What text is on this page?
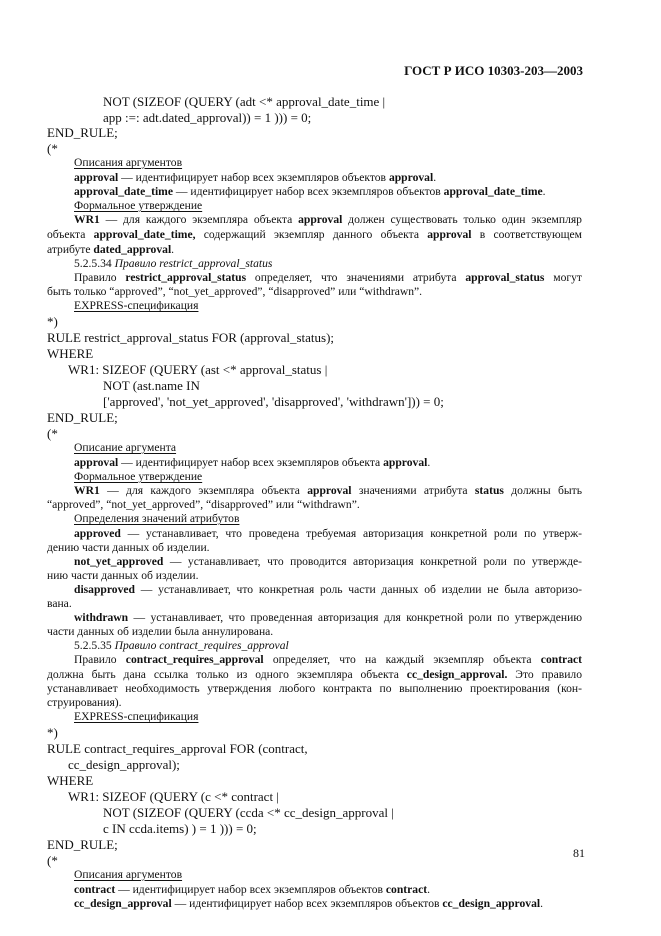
ГОСТ Р ИСО 10303-203—2003
NOT (SIZEOF (QUERY (adt <* approval_date_time |
app :=: adt.dated_approval)) = 1 ))) = 0;
END_RULE;
(*
Описания аргументов
approval — идентифицирует набор всех экземпляров объектов approval.
approval_date_time — идентифицирует набор всех экземпляров объектов approval_date_time.
Формальное утверждение
WR1 — для каждого экземпляра объекта approval должен существовать только один экземпляр
объекта approval_date_time, содержащий экземпляр данного объекта approval в соответствующем
атрибуте dated_approval.
5.2.5.34 Правило restrict_approval_status
Правило restrict_approval_status определяет, что значениями атрибута approval_status могут
быть только “approved”, “not_yet_approved”, “disapproved” или “withdrawn”.
EXPRESS-спецификация
*)
RULE restrict_approval_status FOR (approval_status);
WHERE
WR1: SIZEOF (QUERY (ast <* approval_status |
NOT (ast.name IN
['approved', 'not_yet_approved', 'disapproved', 'withdrawn'])) = 0;
END_RULE;
(*
Описание аргумента
approval — идентифицирует набор всех экземпляров объекта approval.
Формальное утверждение
WR1 — для каждого экземпляра объекта approval значениями атрибута status должны быть
“approved”, “not_yet_approved”, “disapproved” или “withdrawn”.
Определения значений атрибутов
approved — устанавливает, что проведена требуемая авторизация конкретной роли по утверж-
дению части данных об изделии.
not_yet_approved — устанавливает, что проводится авторизация конкретной роли по утвержде-
нию части данных об изделии.
disapproved — устанавливает, что конкретная роль части данных об изделии не была авторизо-
вана.
withdrawn — устанавливает, что проведенная авторизация для конкретной роли по утверждению
части данных об изделии была аннулирована.
5.2.5.35 Правило contract_requires_approval
Правило contract_requires_approval определяет, что на каждый экземпляр объекта contract
должна быть дана ссылка только из одного экземпляра объекта cc_design_approval. Это правило
устанавливает необходимость утверждения любого контракта по выполнению проектирования (кон-
струирования).
EXPRESS-спецификация
*)
RULE contract_requires_approval FOR (contract,
cc_design_approval);
WHERE
WR1: SIZEOF (QUERY (c <* contract |
NOT (SIZEOF (QUERY (ccda <* cc_design_approval |
c IN ccda.items) ) = 1 ))) = 0;
END_RULE;
(*
Описания аргументов
contract — идентифицирует набор всех экземпляров объектов contract.
cc_design_approval — идентифицирует набор всех экземпляров объектов cc_design_approval.
81
